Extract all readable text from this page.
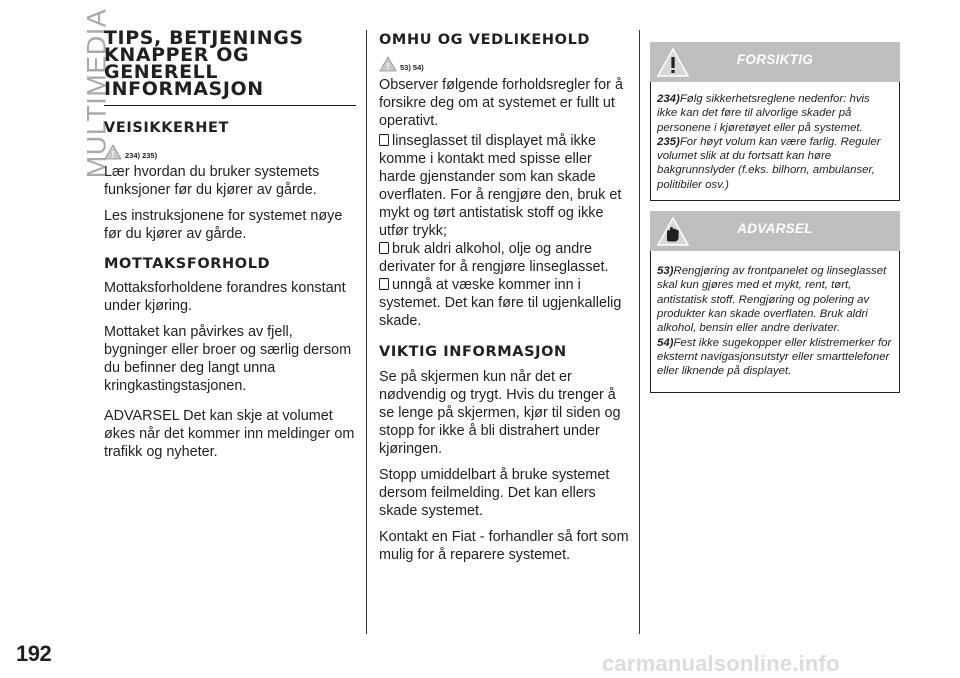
MULTIMEDIA
TIPS, BETJENINGS
KNAPPER OG
GENERELL
INFORMASJON
VEISIKKERHET
! 234) 235)

Lær hvordan du bruker systemets funksjoner før du kjører av gårde.

Les instruksjonene for systemet nøye før du kjører av gårde.

MOTTAKSFORHOLD

Mottaksforholdene forandres konstant under kjøring.

Mottaket kan påvirkes av fjell, bygninger eller broer og særlig dersom du befinner deg langt unna kringkastingstasjonen.

ADVARSEL Det kan skje at volumet økes når det kommer inn meldinger om trafikk og nyheter.

OMHU OG VEDLIKEHOLD
! 53) 54)

Observer følgende forholdsregler for å forsikre deg om at systemet er fullt ut operativt.

linseglasset til displayet må ikke komme i kontakt med spisse eller harde gjenstander som kan skade overflaten. For å rengjøre den, bruk et mykt og tørt antistatisk stoff og ikke utfør trykk;

bruk aldri alkohol, olje og andre derivater for å rengjøre linseglasset.

unngå at væske kommer inn i systemet. Det kan føre til ugjenkallelig skade.

VIKTIG INFORMASJON

Se på skjermen kun når det er nødvendig og trygt. Hvis du trenger å se lenge på skjermen, kjør til siden og stopp for ikke å bli distrahert under kjøringen.

Stopp umiddelbart å bruke systemet dersom feilmelding. Det kan ellers skade systemet.

Kontakt en Fiat - forhandler så fort som mulig for å reparere systemet.

FORSIKTIG

234)Følg sikkerhetsreglene nedenfor: hvis ikke kan det føre til alvorlige skader på personene i kjøretøyet eller på systemet.

235)For høyt volum kan være farlig. Reguler volumet slik at du fortsatt kan høre bakgrunnslyder (f.eks. bilhorn, ambulanser, politibiler osv.)

ADVARSEL

53)Rengjøring av frontpanelet og linseglasset skal kun gjøres med et mykt, rent, tørt, antistatisk stoff. Rengjøring og polering av produkter kan skade overflaten. Bruk aldri alkohol, bensin eller andre derivater.

54)Fest ikke sugekopper eller klistremerker for eksternt navigasjonsutstyr eller smarttelefoner eller liknende på displayet.

192	carmanualsonline.info
